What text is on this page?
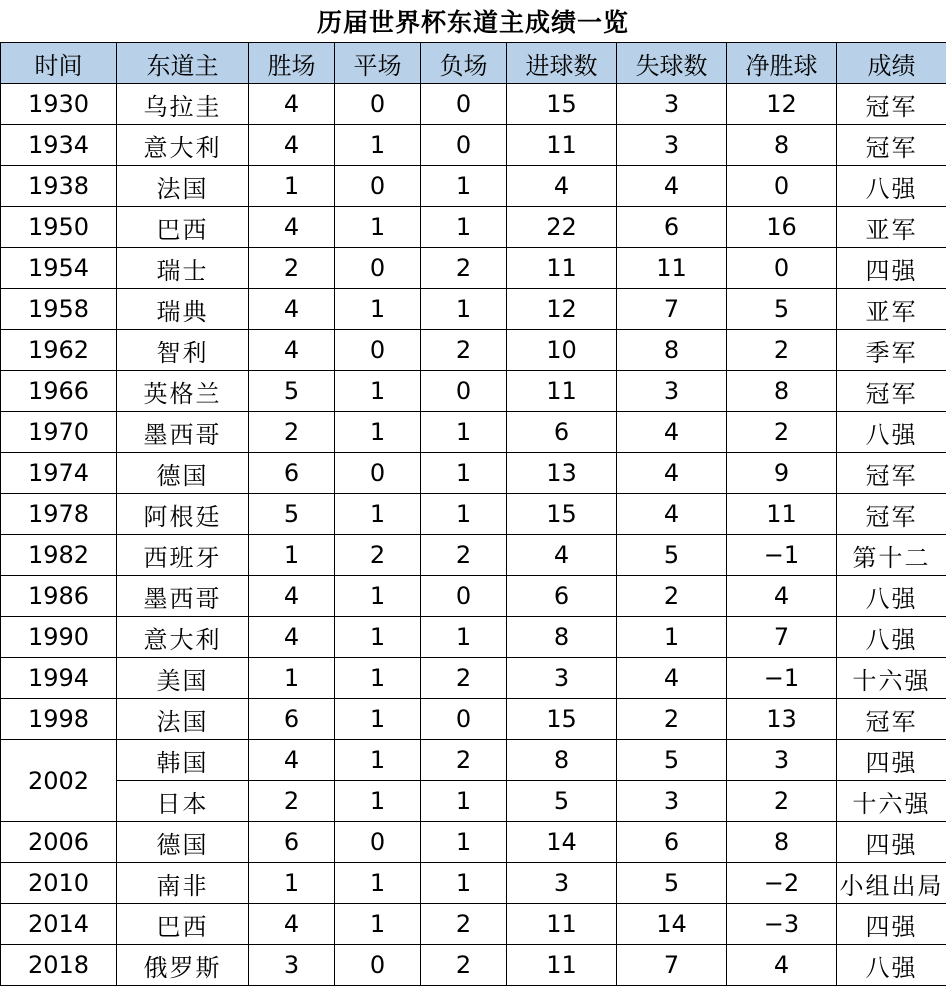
历届世界杯东道主成绩一览
时间	东道主	胜场	平场	负场	进球数	失球数	净胜球	成绩
1930	乌拉圭	4	0	0	15	3	12	冠军
1934	意大利	4	1	0	11	3	8	冠军
1938	法国	1	0	1	4	4	0	八强
1950	巴西	4	1	1	22	6	16	亚军
1954	瑞士	2	0	2	11	11	0	四强
1958	瑞典	4	1	1	12	7	5	亚军
1962	智利	4	0	2	10	8	2	季军
1966	英格兰	5	1	0	11	3	8	冠军
1970	墨西哥	2	1	1	6	4	2	八强
1974	德国	6	0	1	13	4	9	冠军
1978	阿根廷	5	1	1	15	4	11	冠军
1982	西班牙	1	2	2	4	5	−1	第十二
1986	墨西哥	4	1	0	6	2	4	八强
1990	意大利	4	1	1	8	1	7	八强
1994	美国	1	1	2	3	4	−1	十六强
1998	法国	6	1	0	15	2	13	冠军
2002	韩国	4	1	2	8	5	3	四强
	日本	2	1	1	5	3	2	十六强
2006	德国	6	0	1	14	6	8	四强
2010	南非	1	1	1	3	5	−2	小组出局
2014	巴西	4	1	2	11	14	−3	四强
2018	俄罗斯	3	0	2	11	7	4	八强
